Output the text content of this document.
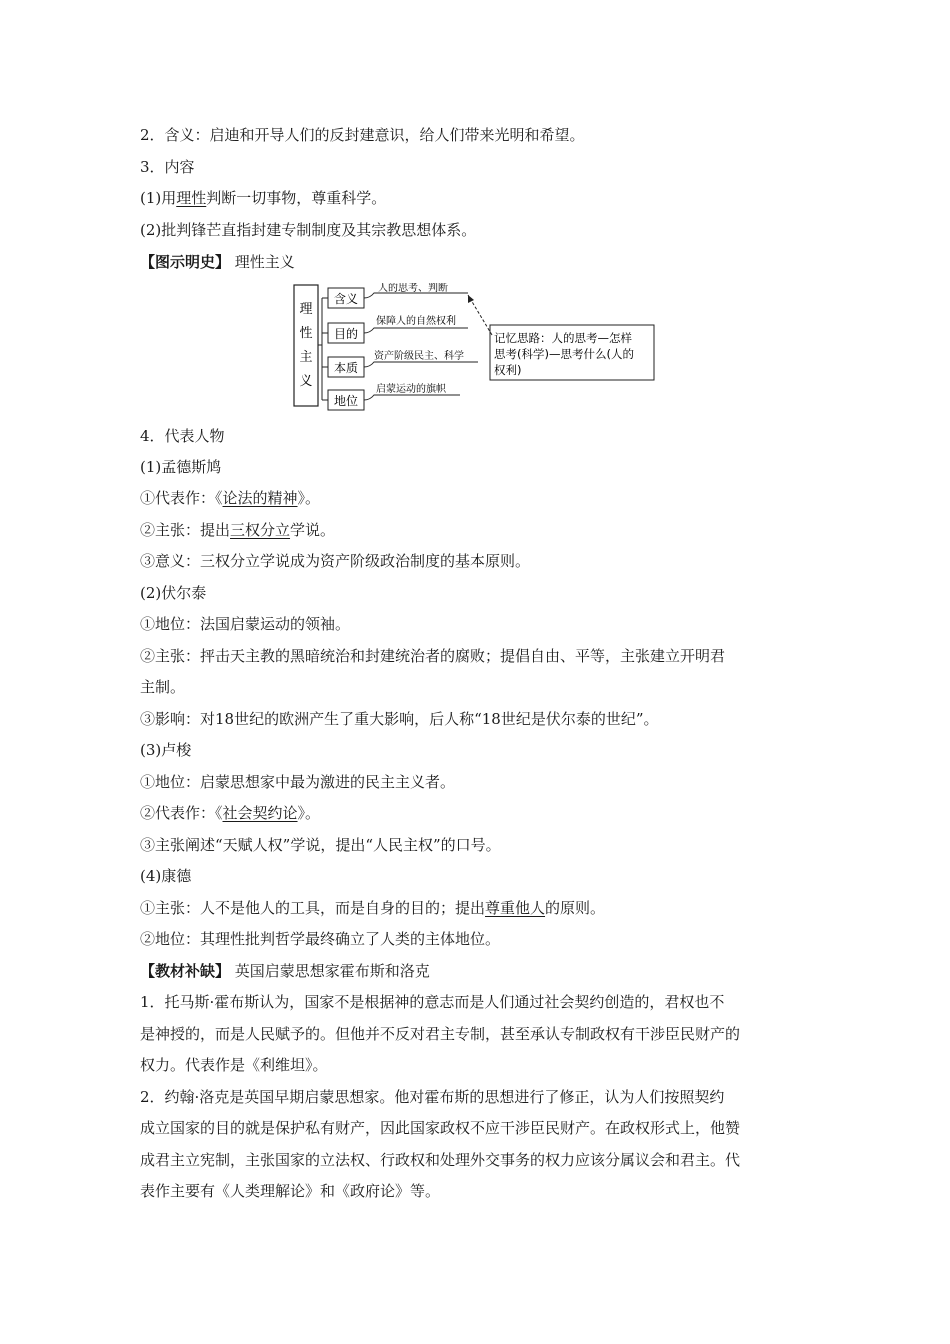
2．含义：启迪和开导人们的反封建意识，给人们带来光明和希望。
3．内容
(1)用理性判断一切事物，尊重科学。
(2)批判锋芒直指封建专制制度及其宗教思想体系。
【图示明史】 理性主义
理
性
主
义
含义
目的
本质
地位
人的思考、判断
保障人的自然权利
资产阶级民主、科学
启蒙运动的旗帜
记忆思路：人的思考—怎样
思考(科学)—思考什么(人的
权利)
4．代表人物
(1)孟德斯鸠
①代表作：《论法的精神》。
②主张：提出三权分立学说。
③意义：三权分立学说成为资产阶级政治制度的基本原则。
(2)伏尔泰
①地位：法国启蒙运动的领袖。
②主张：抨击天主教的黑暗统治和封建统治者的腐败；提倡自由、平等，主张建立开明君
主制。
③影响：对18世纪的欧洲产生了重大影响，后人称“18世纪是伏尔泰的世纪”。
(3)卢梭
①地位：启蒙思想家中最为激进的民主主义者。
②代表作：《社会契约论》。
③主张阐述“天赋人权”学说，提出“人民主权”的口号。
(4)康德
①主张：人不是他人的工具，而是自身的目的；提出尊重他人的原则。
②地位：其理性批判哲学最终确立了人类的主体地位。
【教材补缺】 英国启蒙思想家霍布斯和洛克
1．托马斯·霍布斯认为，国家不是根据神的意志而是人们通过社会契约创造的，君权也不
是神授的，而是人民赋予的。但他并不反对君主专制，甚至承认专制政权有干涉臣民财产的
权力。代表作是《利维坦》。
2．约翰·洛克是英国早期启蒙思想家。他对霍布斯的思想进行了修正，认为人们按照契约
成立国家的目的就是保护私有财产，因此国家政权不应干涉臣民财产。在政权形式上，他赞
成君主立宪制，主张国家的立法权、行政权和处理外交事务的权力应该分属议会和君主。代
表作主要有《人类理解论》和《政府论》等。
